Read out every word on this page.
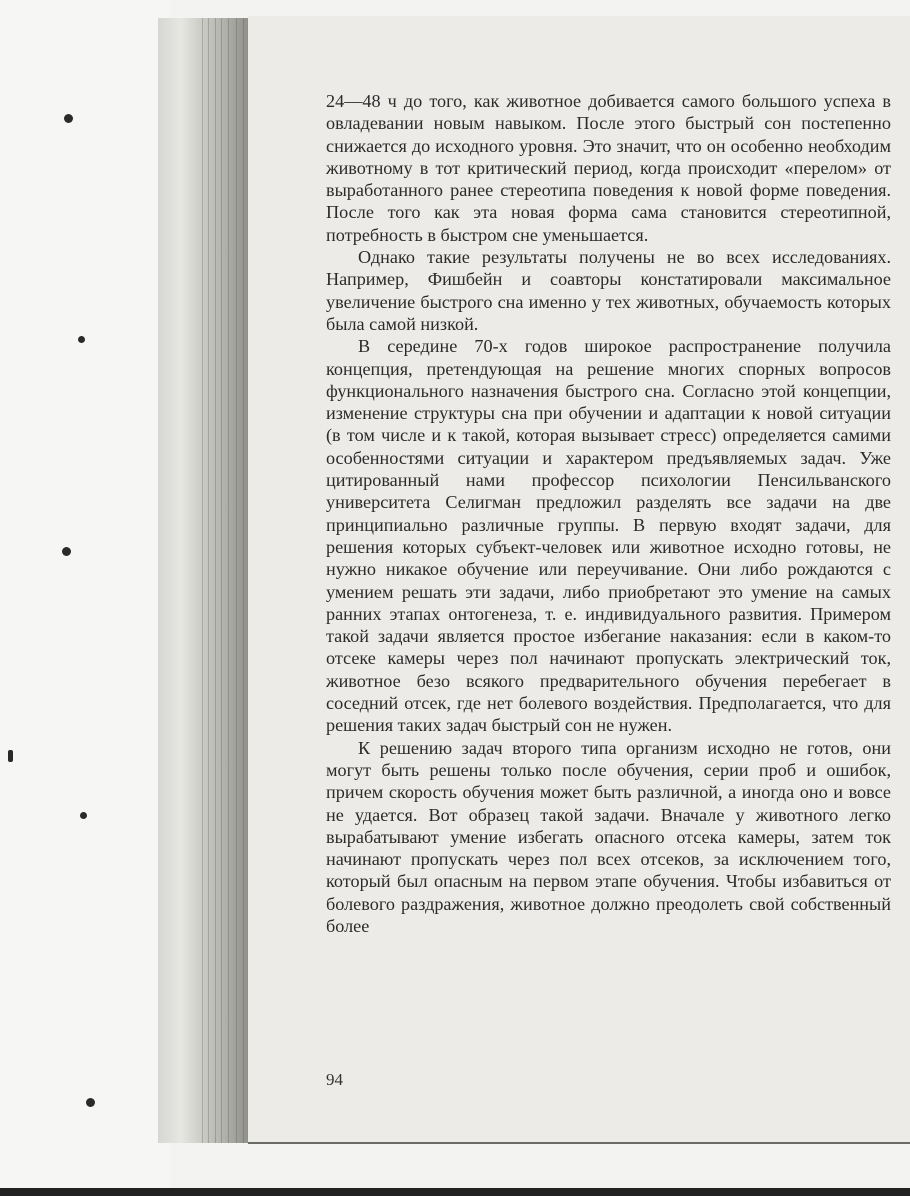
24—48 ч до того, как животное добивается самого большого успеха в овладевании новым навыком. После этого быстрый сон постепенно снижается до исходного уровня. Это значит, что он особенно необходим животному в тот критический период, когда происходит «перелом» от выработанного ранее стереотипа поведения к новой форме поведения. После того как эта новая форма сама становится стереотипной, потребность в быстром сне уменьшается.

Однако такие результаты получены не во всех исследованиях. Например, Фишбейн и соавторы констатировали максимальное увеличение быстрого сна именно у тех животных, обучаемость которых была самой низкой.

В середине 70-х годов широкое распространение получила концепция, претендующая на решение многих спорных вопросов функционального назначения быстрого сна. Согласно этой концепции, изменение структуры сна при обучении и адаптации к новой ситуации (в том числе и к такой, которая вызывает стресс) определяется самими особенностями ситуации и характером предъявляемых задач. Уже цитированный нами профессор психологии Пенсильванского университета Селигман предложил разделять все задачи на две принципиально различные группы. В первую входят задачи, для решения которых субъект-человек или животное исходно готовы, не нужно никакое обучение или переучивание. Они либо рождаются с умением решать эти задачи, либо приобретают это умение на самых ранних этапах онтогенеза, т. е. индивидуального развития. Примером такой задачи является простое избегание наказания: если в каком-то отсеке камеры через пол начинают пропускать электрический ток, животное безо всякого предварительного обучения перебегает в соседний отсек, где нет болевого воздействия. Предполагается, что для решения таких задач быстрый сон не нужен.

К решению задач второго типа организм исходно не готов, они могут быть решены только после обучения, серии проб и ошибок, причем скорость обучения может быть различной, а иногда оно и вовсе не удается. Вот образец такой задачи. Вначале у животного легко вырабатывают умение избегать опасного отсека камеры, затем ток начинают пропускать через пол всех отсеков, за исключением того, который был опасным на первом этапе обучения. Чтобы избавиться от болевого раздражения, животное должно преодолеть свой собственный более

94
